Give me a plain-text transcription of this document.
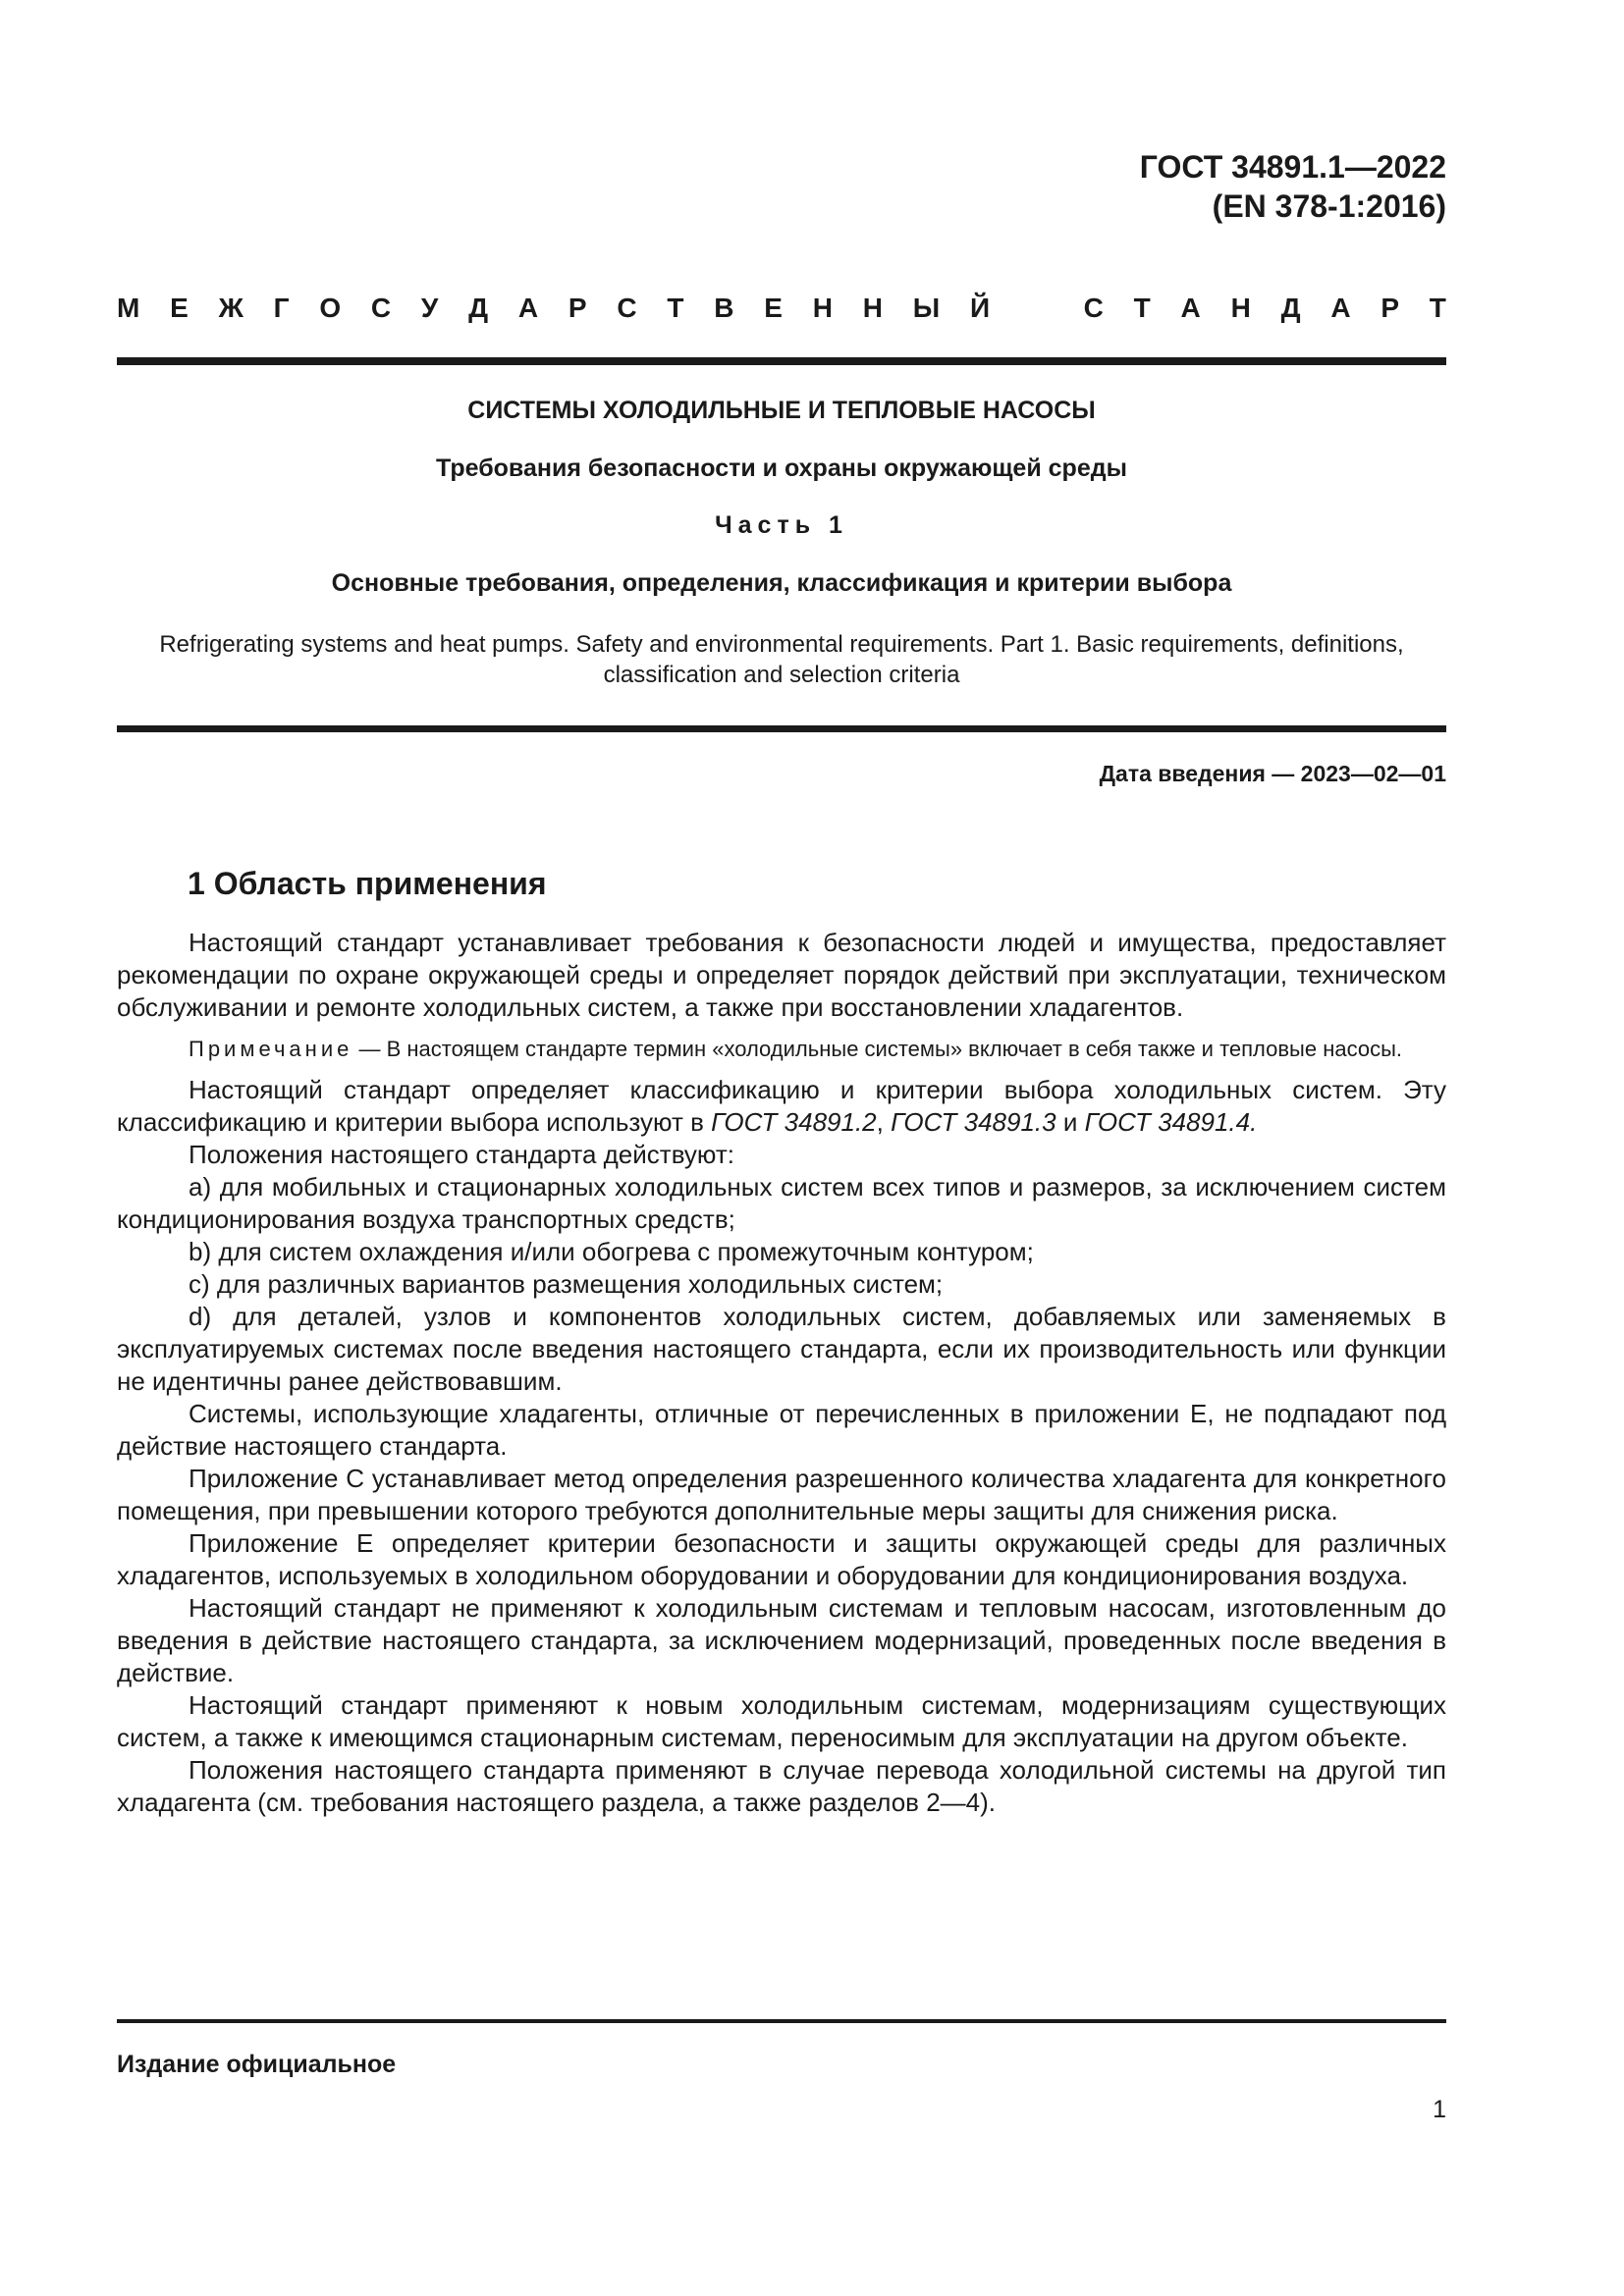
ГОСТ 34891.1—2022
(EN 378-1:2016)
М Е Ж Г О С У Д А Р С Т В Е Н Н Ы Й	С Т А Н Д А Р Т
СИСТЕМЫ ХОЛОДИЛЬНЫЕ И ТЕПЛОВЫЕ НАСОСЫ
Требования безопасности и охраны окружающей среды
Часть 1
Основные требования, определения, классификация и критерии выбора
Refrigerating systems and heat pumps. Safety and environmental requirements. Part 1. Basic requirements, definitions,
classification and selection criteria
Дата введения — 2023—02—01
1 Область применения

Настоящий стандарт устанавливает требования к безопасности людей и имущества, предоставляет рекомендации по охране окружающей среды и определяет порядок действий при эксплуатации, техническом обслуживании и ремонте холодильных систем, а также при восстановлении хладагентов.

Примечание — В настоящем стандарте термин «холодильные системы» включает в себя также и тепловые насосы.

Настоящий стандарт определяет классификацию и критерии выбора холодильных систем. Эту классификацию и критерии выбора используют в ГОСТ 34891.2, ГОСТ 34891.3 и ГОСТ 34891.4.

Положения настоящего стандарта действуют:

a) для мобильных и стационарных холодильных систем всех типов и размеров, за исключением систем кондиционирования воздуха транспортных средств;

b) для систем охлаждения и/или обогрева с промежуточным контуром;

c) для различных вариантов размещения холодильных систем;

d) для деталей, узлов и компонентов холодильных систем, добавляемых или заменяемых в эксплуатируемых системах после введения настоящего стандарта, если их производительность или функции не идентичны ранее действовавшим.

Системы, использующие хладагенты, отличные от перечисленных в приложении Е, не подпадают под действие настоящего стандарта.

Приложение С устанавливает метод определения разрешенного количества хладагента для конкретного помещения, при превышении которого требуются дополнительные меры защиты для снижения риска.

Приложение Е определяет критерии безопасности и защиты окружающей среды для различных хладагентов, используемых в холодильном оборудовании и оборудовании для кондиционирования воздуха.

Настоящий стандарт не применяют к холодильным системам и тепловым насосам, изготовленным до введения в действие настоящего стандарта, за исключением модернизаций, проведенных после введения в действие.

Настоящий стандарт применяют к новым холодильным системам, модернизациям существующих систем, а также к имеющимся стационарным системам, переносимым для эксплуатации на другом объекте.

Положения настоящего стандарта применяют в случае перевода холодильной системы на другой тип хладагента (см. требования настоящего раздела, а также разделов 2—4).

Издание официальное
1
